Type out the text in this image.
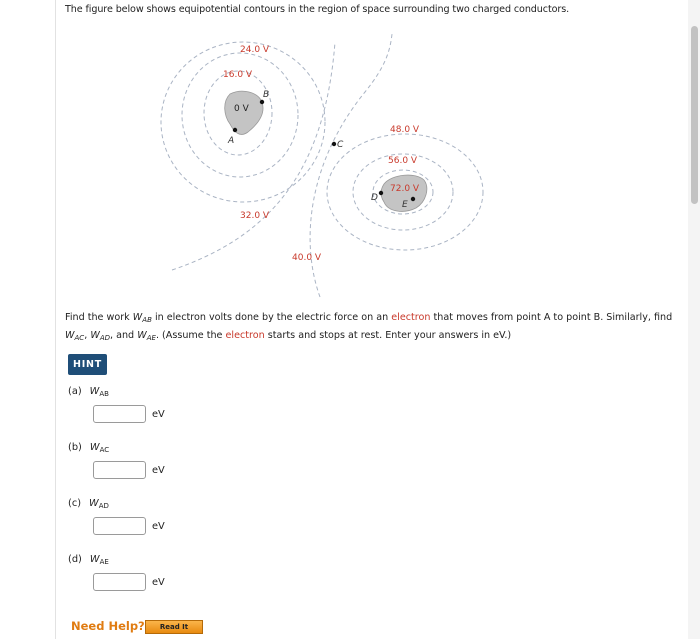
The figure below shows equipotential contours in the region of space surrounding two charged conductors.
A
B
C
D
E
24.0 V
16.0 V
0 V
48.0 V
56.0 V
72.0 V
32.0 V
40.0 V
Find the work $W_{AB}$ in electron volts done by the electric force on an electron that moves from point A to point B. Similarly, find
$W_{AC}$, $W_{AD}$, and $W_{AE}$. (Assume the electron starts and stops at rest. Enter your answers in eV.)
HINT
(a) $W_{AB}$
eV
(b) $W_{AC}$
eV
(c) $W_{AD}$
eV
(d) $W_{AE}$
eV
Need Help?	Read It
